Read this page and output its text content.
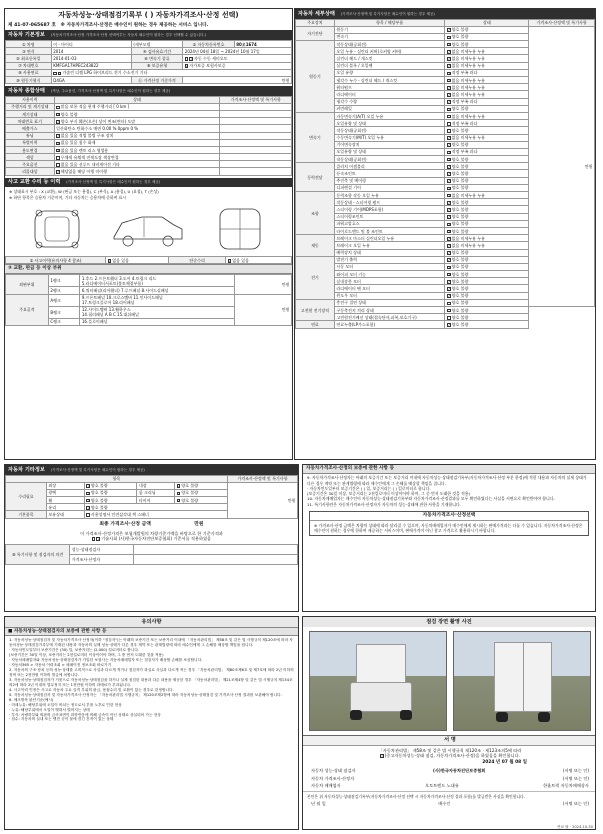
자동차성능·상태점검기록부 ( ) 자동차가격조사·산정 선택)
제 41-07-065687 호 ※ 자동차가격조사·산정은 매수인이 원하는 경우 제공하는 서비스 입니다.
자동차 기본정보 (자동차가격조사·산정 가격조사·산정 선택여부는 자동차 매수인이 원하는 경우 선택할 수 있습니다.)
① 차명	이 - 마이티	(세부모델	② 자동차등록번호	80오1674
③ 연식	2014	④ 검사유효기간	2024년 04월 18일 ~ 2024년 10월 17일	
⑤ 최초등록일	2014-01-03	⑥ 변속기 종류	✓자동 수동 세미오토	
⑦ 차대번호	KMFGA17HPEC243822	⑧ 보증유형	✓자가보증 보험사보증	
⑨ 사용연료	✓가솔린 디젤 LPG 하이브리드 전기 수소전기 기타			
⑩ 원동기형식	D4GA	⑪ 가격산정 기준가격	만원	
자동차 종합상태 (색상, 주요옵션, 가격조사·산정액 및 특기사항은 매수인이 원하는 경우 제공)
사용이력	상태	가격조사·산정액 및 특기사항
주행거리 및 계기상태	많음 보통 적음 현재 주행거리 [ 0 km ]	
계기상태	✓양호 불량	
차대번호 표기	✓양호 부식 훼손(오손) 상이 변조(변타) 도말	
배출가스	일산화탄소 탄화수소 매연 0.00 % 0ppm 0 %	
튜닝	✓없음 있음 적법 불법 구조 장치	
특별이력	✓없음 있음 침수 화재	
용도변경	✓없음 있음 렌트 리스 영업용	
색상	무채색 유채색 전색도장 색상변경	
주요옵션	없음 있음 선루프 내비게이션 기타	
리콜대상	✓해당없음 해당 이행 미이행	
사고 교환 수리 등 이력 (가격조사·산정액 및 특기사항은 매수인이 원하는 경우 제공)
※ 상태표시 부호 : X (교환), W (판금 또는 용접), C (부식), A (흠집), U (요철), T (손상)
※ 하단 항목은 승용차 기준이며, 기타 자동차는 승용차에 준하여 표시
① 사고이력(유의사항 4 참조)	✓없음 있음	단순수리	✓없음 있음
② 교환, 판금 등 이상 부위
외판부위	1랭크	1.후드 2.프론트휀더 3.도어 4.트렁크 리드
5.라디에이터서포트(볼트체결부품)	만원
	2랭크	6.쿼터패널(리어휀더) 7.루프패널 8.사이드실패널	
주요골격	A랭크	9.프론트패널 10.크로스멤버 11.인사이드패널
17.트렁크플로어 18.리어패널	만원
	B랭크	12.사이드멤버 13.휠하우스
14.필러패널 A B C 15.대쉬패널	
	C랭크	16.플로어패널	
자동차 세부상태 (가격조사·산정액 및 특기사항은 매수인이 원하는 경우 제공)
주요장치	항목 / 해당부품	상태	가격조사·산정액 및 특기사항
자기진단	원동기	✓양호 불량	만원
	변속기	✓양호 불량	
원동기	작동상태(공회전)	✓양호 불량	
	오일 누유 - 실린더 커버(로커암 커버)	✓없음 미세누유 누유	
	실린더 헤드 / 개스킷	✓없음 미세누유 누유	
	실린더 블록 / 오일팬	✓없음 미세누유 누유	
	오일 유량	✓적정 부족 과다	
	냉각수 누수 - 실린더 헤드 / 개스킷	✓없음 미세누유 누유	
	워터펌프	✓없음 미세누유 누유	
	라디에이터	✓없음 미세누유 누유	
	냉각수 수량	✓적정 부족 과다	
	커먼레일	✓양호 불량	
변속기	자동변속기(A/T) 오일 누유	없음 미세누유 누유	
	오일유량 및 상태	적정 부족 과다	
	작동상태(공회전)	양호 불량	
	수동변속기(M/T) 오일 누유	✓없음 미세누유 누유	
	기어변속장치	✓양호 불량	
	오일유량 및 상태	✓적정 부족 과다	
	작동상태(공회전)	✓양호 불량	
동력전달	클러치 어셈블리	✓양호 불량	
	등속조인트	✓양호 불량	
	추진축 및 베어링	✓양호 불량	
	디퍼렌셜 기어	✓양호 불량	
조향	동력조향 작동 오일 누유	✓없음 미세누유 누유	
	작동상태 - 스티어링 펌프	✓양호 불량	
	스티어링 기어(MDPS포함)	✓양호 불량	
	스티어링조인트	✓양호 불량	
	파워고압호스	✓양호 불량	
	타이로드엔드 및 볼 조인트	✓양호 불량	
제동	브레이크 마스터 실린더오일 누유	✓없음 미세누유 누유	
	브레이크 오일 누유	✓없음 미세누유 누유	
	배력장치 상태	✓양호 불량	
전기	발전기 출력	✓양호 불량	
	시동 모터	✓양호 불량	
	와이퍼 모터 기능	✓양호 불량	
	실내송풍 모터	✓양호 불량	
	라디에이터 팬 모터	✓양호 불량	
	윈도우 모터	✓양호 불량	
고전원 전기장치	충전구 절연 상태	양호 불량	
	구동축전지 격리 상태	양호 불량	
	고전원전기배선 상태(접속단자,피복,보호기구)	양호 불량	
연료	연료누출(LP가스포함)	✓양호 불량	
자동차 기타정보 (가격조사·산정액 및 특기사항은 매수인이 원하는 경우 제공)
항목					가격조사·산정액 및 특기사항
수리필요	외장	✓양호 불량	내장	✓양호 불량	만원
	광택	✓양호 불량	룸 크리닝	✓양호 불량	
	휠	✓양호 불량	타이어	✓양호 불량	
	유리	✓양호 불량			
기본품목	보유상태	사용설명서 안전삼각대 잭 스패너			
최종 가격조사·산정 금액	만원
이 가격조사·산정가격은 보험개발원의 차량기준가액을 바탕으로 한 기준가격과
✓기술사회 (사)한국자동차진단보증협회) 기준서를 적용하였음
⑩ 특기사항 및 점검자의 의견	성능·상태점검자	
	가격조사·산정자	
자동차가격조사·산정의 보증에 관한 사항 등
9. 자동차가격조사·산정자는 아래의 보증기간 또는 보증거리 이내에 자동차성능·상태점검기록부(자동차가격조사·산정 부분 한정)에 적힌 내용과 자동차의 실제 상태가 다른 경우 계약 또는 관계법령에 따라 매수인에게 그 손해를 배상할 책임을 집니다.
· 자동차인도일부터 보증기간은 ( ) 일, 보증거리는 ( ) 킬로미터로 합니다.
(보증기간은 30일 이상, 보증거리는 2천킬로미터 이상이어야 하며, 그 중 먼저 도래한 것을 적용)
10. 자동차매매업자는 매수인이 자동차성능·상태점검기록부와 자동차가격조사·산정결과를 모두 확인하였다는 사실을 서면으로 확인받아야 합니다.
11. 특기사항란은 자동차가격조사·산정자가 자동차의 성능·상태에 관한 사항을 기재합니다.
자동차가격조사·산정선택
※ 가격조사·산정 금액은 차량의 상태에 따라 달라질 수 있으며, 자동차매매업자가 매수인에게 제시하는 판매가격과는 다를 수 있습니다. 자동차가격조사·산정은 매수인이 원하는 경우에 한하여 제공하는 서비스이며, 판매가격이 아닌 참고 가격으로 활용하시기 바랍니다.
유의사항
■ 자동차성능·상태점검자의 보증에 관한 사항 등
1. 자동차성능·상태점검자 및 자동차가격조사·산정자(이하 "점검자")는 아래의 보증기간 또는 보증거리 이내에 「자동차관리법」 제58조 및 같은 법 시행규칙 제120조에 따라 자동차성능·상태점검기록부에 기재된 내용과 자동차의 실제 성능·상태가 다른 경우 계약 또는 관계법령에 따라 매수인에게 그 손해를 배상할 책임을 집니다.
· 자동차인도일부터 보증기간은 (30) 일, 보증거리는 (2,000) 킬로미터로 합니다.
(보증기간은 30일 이상, 보증거리는 2천킬로미터 이상이어야 하며, 그 중 먼저 도래한 것을 적용)
· 자동차매매업자와 자동차성능·상태점검자가 가입한 보험사는 자동차매매업자 또는 점검자가 배상할 손해를 보상합니다.
· 자동차365 > 자동차 이력조회 > 매매이전 정보조회 바로가기
2. 자동차의 구조·장치 등의 성능·상태를 고의적으로 사실과 다르게 적거나 점검자가 과실로 사실과 다르게 적는 경우 「자동차관리법」 제80조제6호 및 제7호에 따라 2년 이하의 징역 또는 2천만원 이하의 벌금에 처합니다.
3. 자동차성능·상태점검자가 거짓으로 자동차성능·상태점검을 하거나 실제 점검한 내용과 다른 내용을 제공한 경우 「자동차관리법」 제21조제4항 및 같은 법 시행규칙 제134조의2에 따라 2년 이내의 업무정지 또는 1천만원 이하의 과태료가 부과됩니다.
4. 사고이력 인정은 사고로 자동차 주요 골격 부위의 판금, 용접수리 및 교환이 있는 경우로 한정합니다.
5. 자동차성능·상태점검자 및 자동차가격조사·산정자는 「자동차관리법 시행규칙」 제120조제2항에 따라 자동차성능·상태점검 및 가격조사·산정 결과를 보관해야 합니다.
6. 체크항목 판단기준(예시)
· 미세누유: 해당부위에 오일이 비치는 정도로서 부품 노후로 인한 현상
· 누유: 해당부위에서 오일이 맺혀서 떨어지는 상태
· 부식: 차량하부와 외판의 금속표면이 화학반응에 의해 금속이 아닌 상태로 상실되어 가는 현상
· 침수: 자동차의 실내 또는 엔진 등이 물에 잠긴 흔적이 있는 상태
점검 장면 촬영 사진
서 명
「자동차관리법」 제58조 및 같은 법 시행규칙 제120조 · 제123조의5에 따라
✓(중고자동차성능·상태 점검, 자동차가격조사·산정)을 하였음을 확인합니다.
2024 년 07 월 08 일
자동차 성능·상태 점검자	(사)한국자동차진단보증협회	(서명 또는 인)
자동차 가격조사·산정자	(서명 또는 인)
자동차 매매업자	오토트렌드 노대유	한울트럭 자동차매매상사
본인은 위 자동차성능·상태점검기록부(자동차가격조사·산정 선택 시 자동차가격조사·산정 결과 포함)를 발급받은 사실을 확인합니다.
년 월 일	매수인	(서명 또는 인)
연료 탈 · 2024-10-30
